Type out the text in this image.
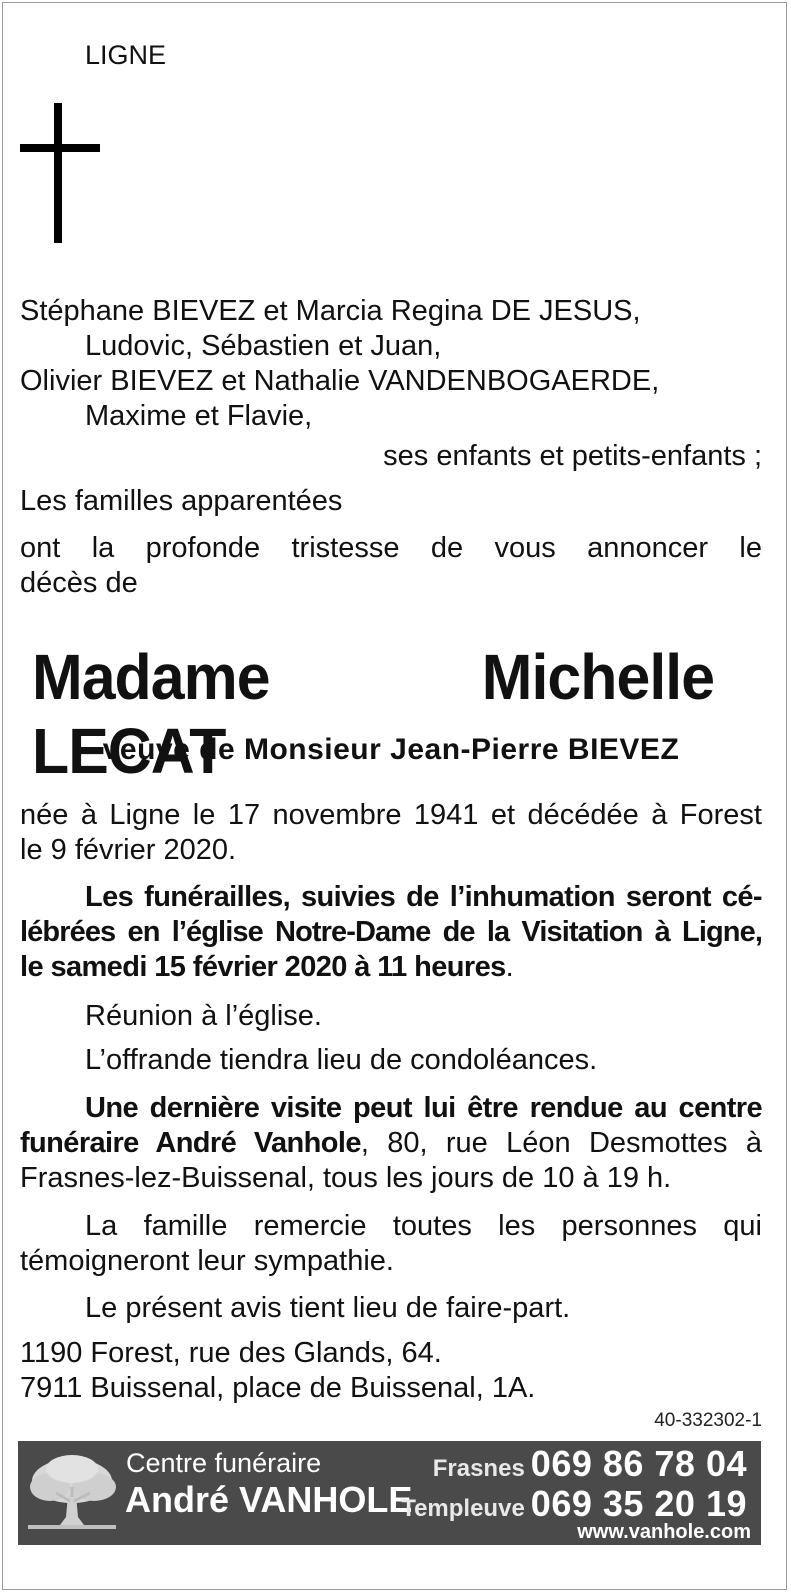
LIGNE
Stéphane BIEVEZ et Marcia Regina DE JESUS,
Ludovic, Sébastien et Juan,
Olivier BIEVEZ et Nathalie VANDENBOGAERDE,
Maxime et Flavie,
ses enfants et petits-enfants ;
Les familles apparentées
ont la profonde tristesse de vous annoncer le
décès de
Madame Michelle LECAT
veuve de Monsieur Jean-Pierre BIEVEZ
née à Ligne le 17 novembre 1941 et décédée à Forest
le 9 février 2020.
Les funérailles, suivies de l’inhumation seront cé-
lébrées en l’église Notre-Dame de la Visitation à Ligne,
le samedi 15 février 2020 à 11 heures.
Réunion à l’église.
L’offrande tiendra lieu de condoléances.
Une dernière visite peut lui être rendue au centre
funéraire André Vanhole, 80, rue Léon Desmottes à
Frasnes-lez-Buissenal, tous les jours de 10 à 19 h.
La famille remercie toutes les personnes qui
témoigneront leur sympathie.
Le présent avis tient lieu de faire-part.
1190 Forest, rue des Glands, 64.
7911 Buissenal, place de Buissenal, 1A.
40-332302-1
Centre funéraire
André VANHOLE
Frasnes 069 86 78 04
Templeuve 069 35 20 19
www.vanhole.com
